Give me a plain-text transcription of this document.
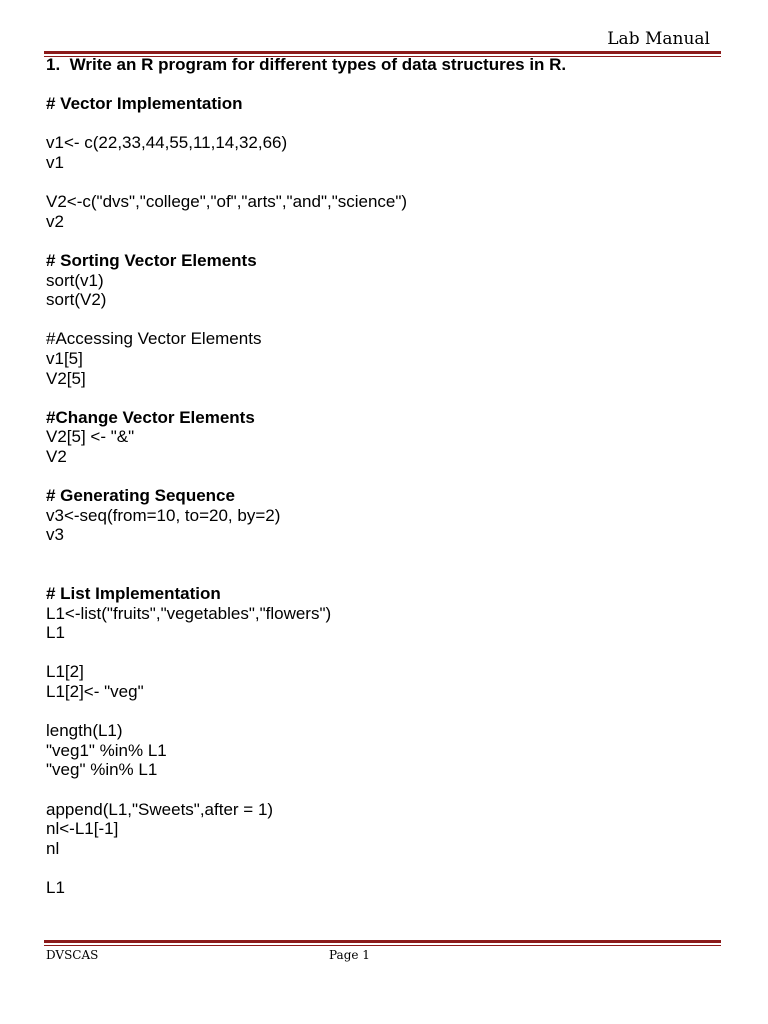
Lab Manual
1.  Write an R program for different types of data structures in R.
# Vector Implementation
v1<- c(22,33,44,55,11,14,32,66)
v1
V2<-c("dvs","college","of","arts","and","science")
v2
# Sorting Vector Elements
sort(v1)
sort(V2)
#Accessing Vector Elements
v1[5]
V2[5]
#Change Vector Elements
V2[5] <- "&"
V2
# Generating Sequence
v3<-seq(from=10, to=20, by=2)
v3
# List Implementation
L1<-list("fruits","vegetables","flowers")
L1
L1[2]
L1[2]<- "veg"
length(L1)
"veg1" %in% L1
"veg" %in% L1
append(L1,"Sweets",after = 1)
nl<-L1[-1]
nl
L1
DVSCAS	Page 1
